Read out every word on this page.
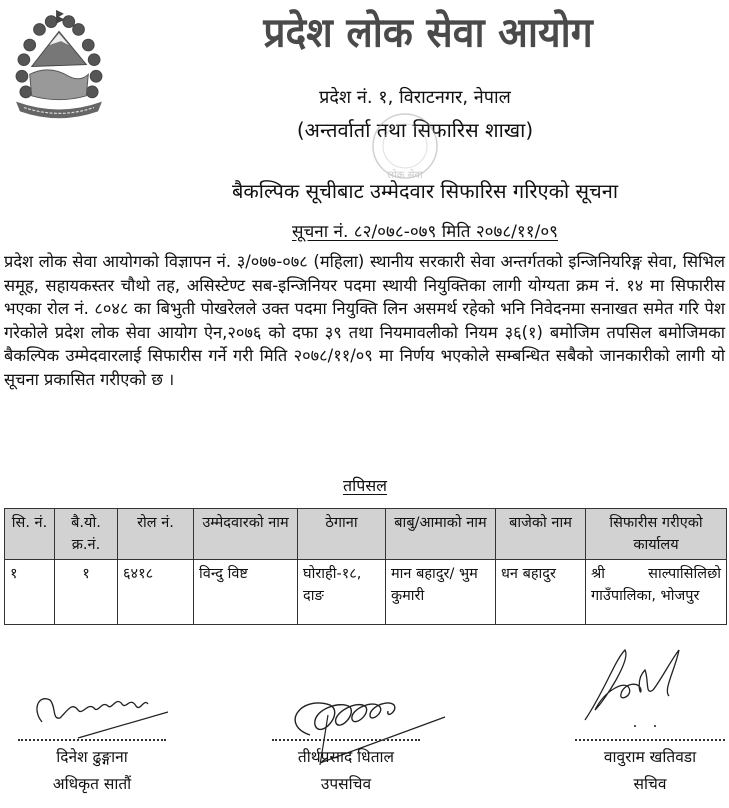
प्रदेश लोक सेवा आयोग
प्रदेश नं. १, विराटनगर, नेपाल
(अन्तर्वार्ता तथा सिफारिस शाखा)
लोक सेवा
बैकल्पिक सूचीबाट उम्मेदवार सिफारिस गरिएको सूचना
सूचना नं. ८२/०७८-०७९ मिति २०७८/११/०९
प्रदेश लोक सेवा आयोगको विज्ञापन नं. ३/०७७-०७८ (महिला) स्थानीय सरकारी सेवा अन्तर्गतको इन्जिनियरिङ्ग सेवा, सिभिल समूह, सहायकस्तर चौथो तह, असिस्टेण्ट सब-इन्जिनियर पदमा स्थायी नियुक्तिका लागी योग्यता क्रम नं. १४ मा सिफारीस भएका रोल नं. ८०४८ का बिभुती पोखरेलले उक्त पदमा नियुक्ति लिन असमर्थ रहेको भनि निवेदनमा सनाखत समेत गरि पेश गरेकोले प्रदेश लोक सेवा आयोग ऐन,२०७६ को दफा ३९ तथा नियमावलीको नियम ३६(१) बमोजिम तपसिल बमोजिमका बैकल्पिक उम्मेदवारलाई सिफारीस गर्ने गरी मिति २०७८/११/०९ मा निर्णय भएकोले सम्बन्धित सबैको जानकारीको लागी यो सूचना प्रकासित गरीएको छ ।
तपिसल
सि. नं.	बै.यो. क्र.नं.	रोल नं.	उम्मेदवारको नाम	ठेगाना	बाबु/आमाको नाम	बाजेको नाम	सिफारीस गरीएको कार्यालय
१	१	६४१८	विन्दु विष्ट	घोराही-१८, दाङ	मान बहादुर/ भुम कुमारी	धन बहादुर	श्री साल्पासिलिछो गाउँपालिका, भोजपुर
दिनेश ढुङ्गाना
अधिकृत सातौं
तीर्थप्रसाद धिताल
उपसचिव
वावुराम खतिवडा
सचिव
